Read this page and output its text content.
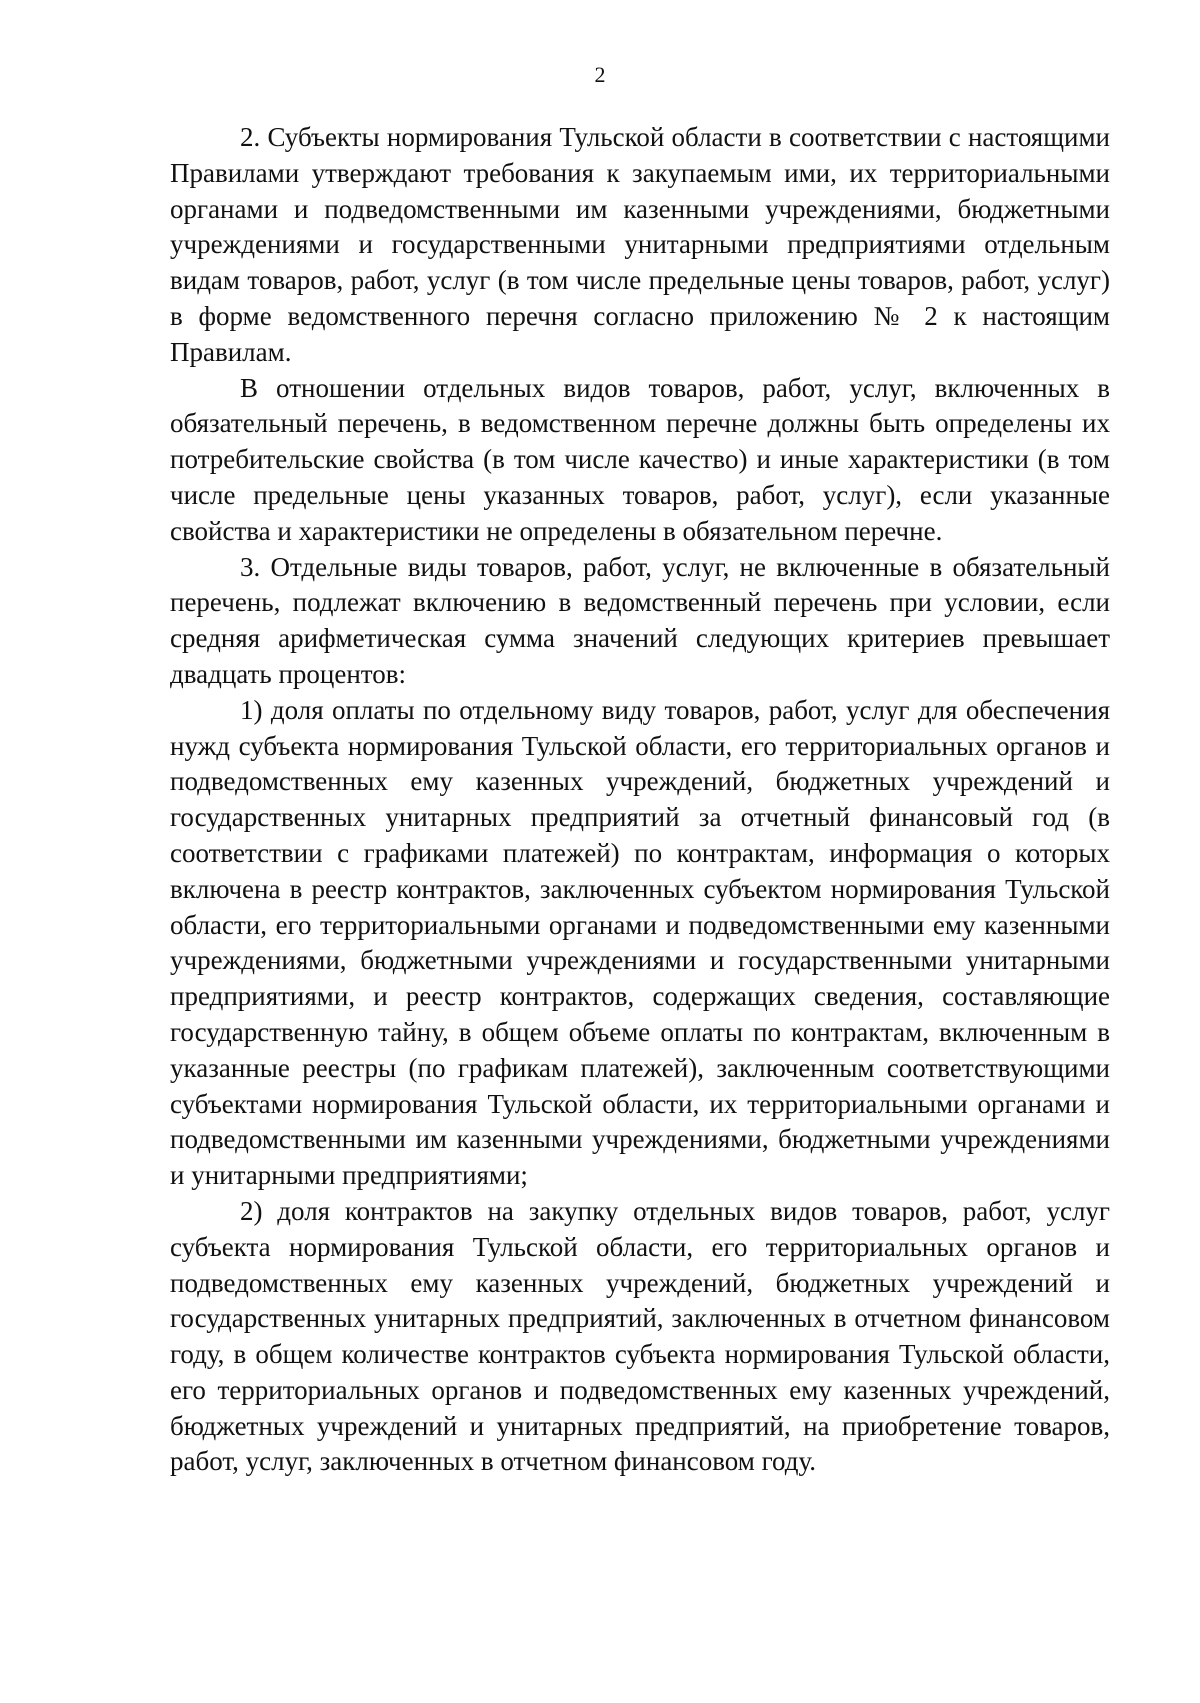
2

2. Субъекты нормирования Тульской области в соответствии с настоящими Правилами утверждают требования к закупаемым ими, их территориальными органами и подведомственными им казенными учреждениями, бюджетными учреждениями и государственными унитарными предприятиями отдельным видам товаров, работ, услуг (в том числе предельные цены товаров, работ, услуг) в форме ведомственного перечня согласно приложению № 2 к настоящим Правилам.

В отношении отдельных видов товаров, работ, услуг, включенных в обязательный перечень, в ведомственном перечне должны быть определены их потребительские свойства (в том числе качество) и иные характеристики (в том числе предельные цены указанных товаров, работ, услуг), если указанные свойства и характеристики не определены в обязательном перечне.

3. Отдельные виды товаров, работ, услуг, не включенные в обязательный перечень, подлежат включению в ведомственный перечень при условии, если средняя арифметическая сумма значений следующих критериев превышает двадцать процентов:

1) доля оплаты по отдельному виду товаров, работ, услуг для обеспечения нужд субъекта нормирования Тульской области, его территориальных органов и подведомственных ему казенных учреждений, бюджетных учреждений и государственных унитарных предприятий за отчетный финансовый год (в соответствии с графиками платежей) по контрактам, информация о которых включена в реестр контрактов, заключенных субъектом нормирования Тульской области, его территориальными органами и подведомственными ему казенными учреждениями, бюджетными учреждениями и государственными унитарными предприятиями, и реестр контрактов, содержащих сведения, составляющие государственную тайну, в общем объеме оплаты по контрактам, включенным в указанные реестры (по графикам платежей), заключенным соответствующими субъектами нормирования Тульской области, их территориальными органами и подведомственными им казенными учреждениями, бюджетными учреждениями и унитарными предприятиями;

2) доля контрактов на закупку отдельных видов товаров, работ, услуг субъекта нормирования Тульской области, его территориальных органов и подведомственных ему казенных учреждений, бюджетных учреждений и государственных унитарных предприятий, заключенных в отчетном финансовом году, в общем количестве контрактов субъекта нормирования Тульской области, его территориальных органов и подведомственных ему казенных учреждений, бюджетных учреждений и унитарных предприятий, на приобретение товаров, работ, услуг, заключенных в отчетном финансовом году.
